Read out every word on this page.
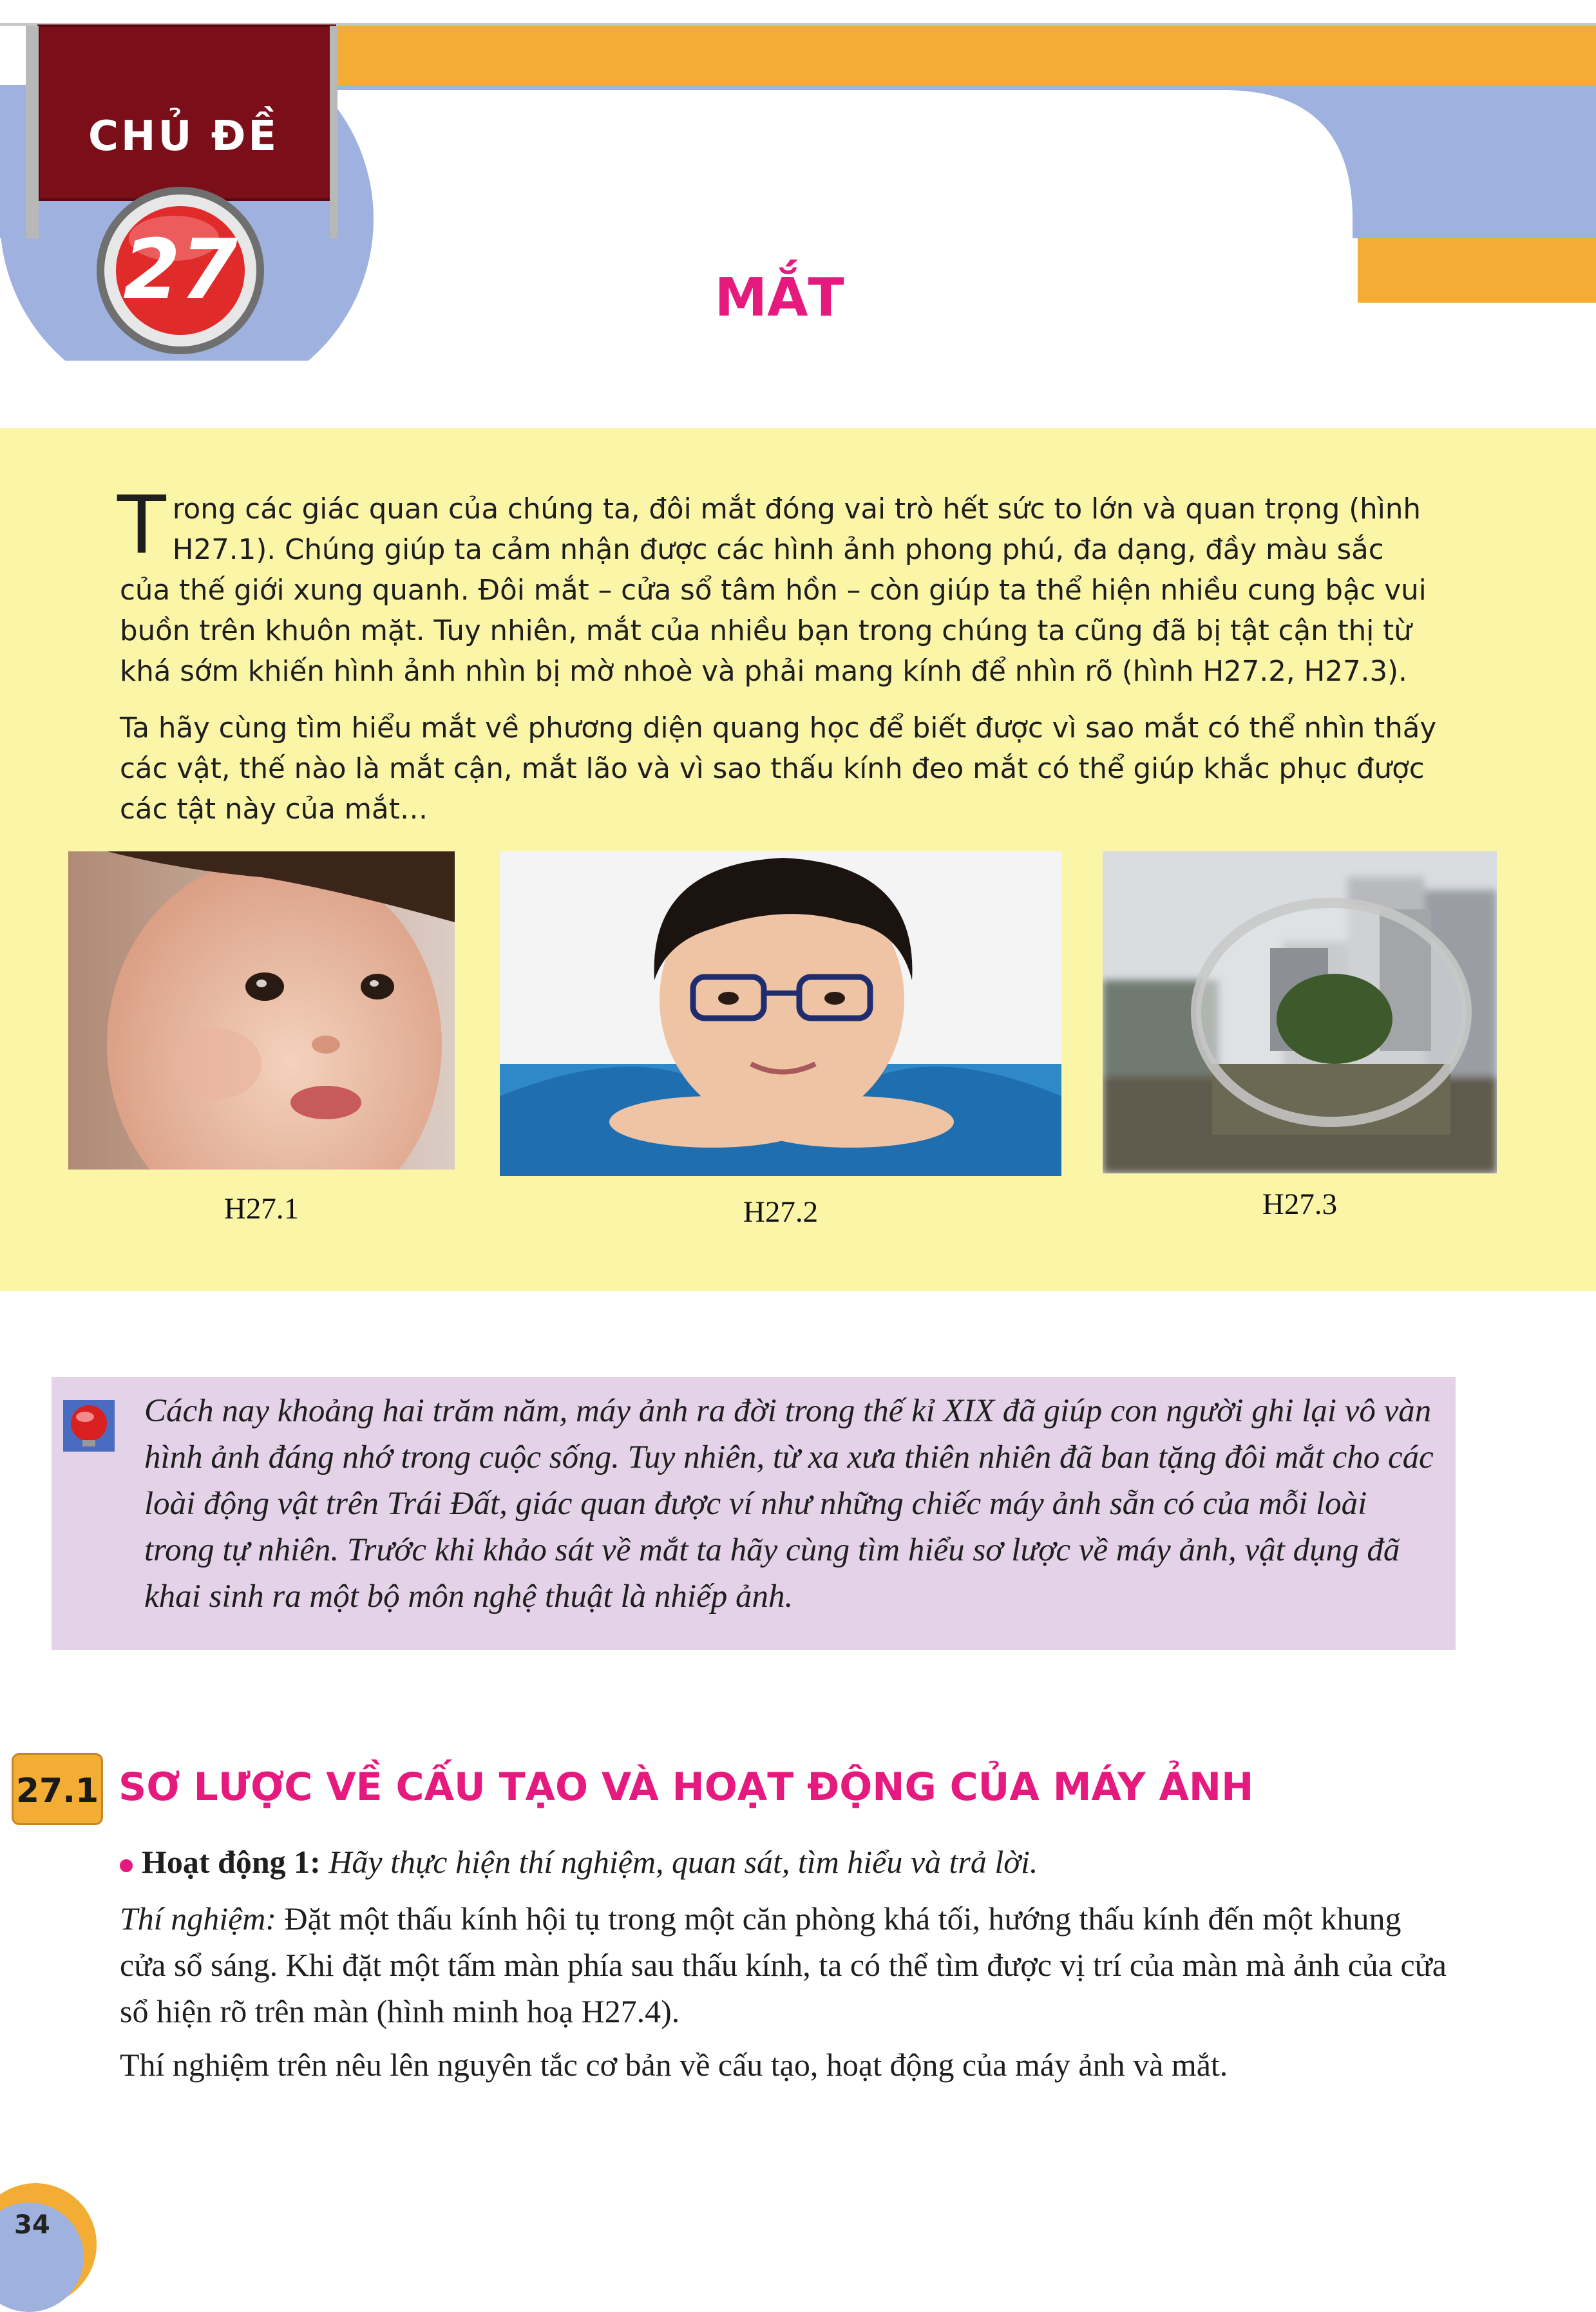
CHỦ ĐỀ
27	MẮT
Trong các giác quan của chúng ta, đôi mắt đóng vai trò hết sức to lớn và quan trọng (hình H27.1). Chúng giúp ta cảm nhận được các hình ảnh phong phú, đa dạng, đầy màu sắc của thế giới xung quanh. Đôi mắt – cửa sổ tâm hồn – còn giúp ta thể hiện nhiều cung bậc vui buồn trên khuôn mặt. Tuy nhiên, mắt của nhiều bạn trong chúng ta cũng đã bị tật cận thị từ khá sớm khiến hình ảnh nhìn bị mờ nhoè và phải mang kính để nhìn rõ (hình H27.2, H27.3).
Ta hãy cùng tìm hiểu mắt về phương diện quang học để biết được vì sao mắt có thể nhìn thấy các vật, thế nào là mắt cận, mắt lão và vì sao thấu kính đeo mắt có thể giúp khắc phục được các tật này của mắt…
H27.1	H27.2	H27.3
Cách nay khoảng hai trăm năm, máy ảnh ra đời trong thế kỉ XIX đã giúp con người ghi lại vô vàn hình ảnh đáng nhớ trong cuộc sống. Tuy nhiên, từ xa xưa thiên nhiên đã ban tặng đôi mắt cho các loài động vật trên Trái Đất, giác quan được ví như những chiếc máy ảnh sẵn có của mỗi loài trong tự nhiên. Trước khi khảo sát về mắt ta hãy cùng tìm hiểu sơ lược về máy ảnh, vật dụng đã khai sinh ra một bộ môn nghệ thuật là nhiếp ảnh.
27.1 SƠ LƯỢC VỀ CẤU TẠO VÀ HOẠT ĐỘNG CỦA MÁY ẢNH
Hoạt động 1: Hãy thực hiện thí nghiệm, quan sát, tìm hiểu và trả lời.
Thí nghiệm: Đặt một thấu kính hội tụ trong một căn phòng khá tối, hướng thấu kính đến một khung cửa sổ sáng. Khi đặt một tấm màn phía sau thấu kính, ta có thể tìm được vị trí của màn mà ảnh của cửa sổ hiện rõ trên màn (hình minh hoạ H27.4).
Thí nghiệm trên nêu lên nguyên tắc cơ bản về cấu tạo, hoạt động của máy ảnh và mắt.
34
